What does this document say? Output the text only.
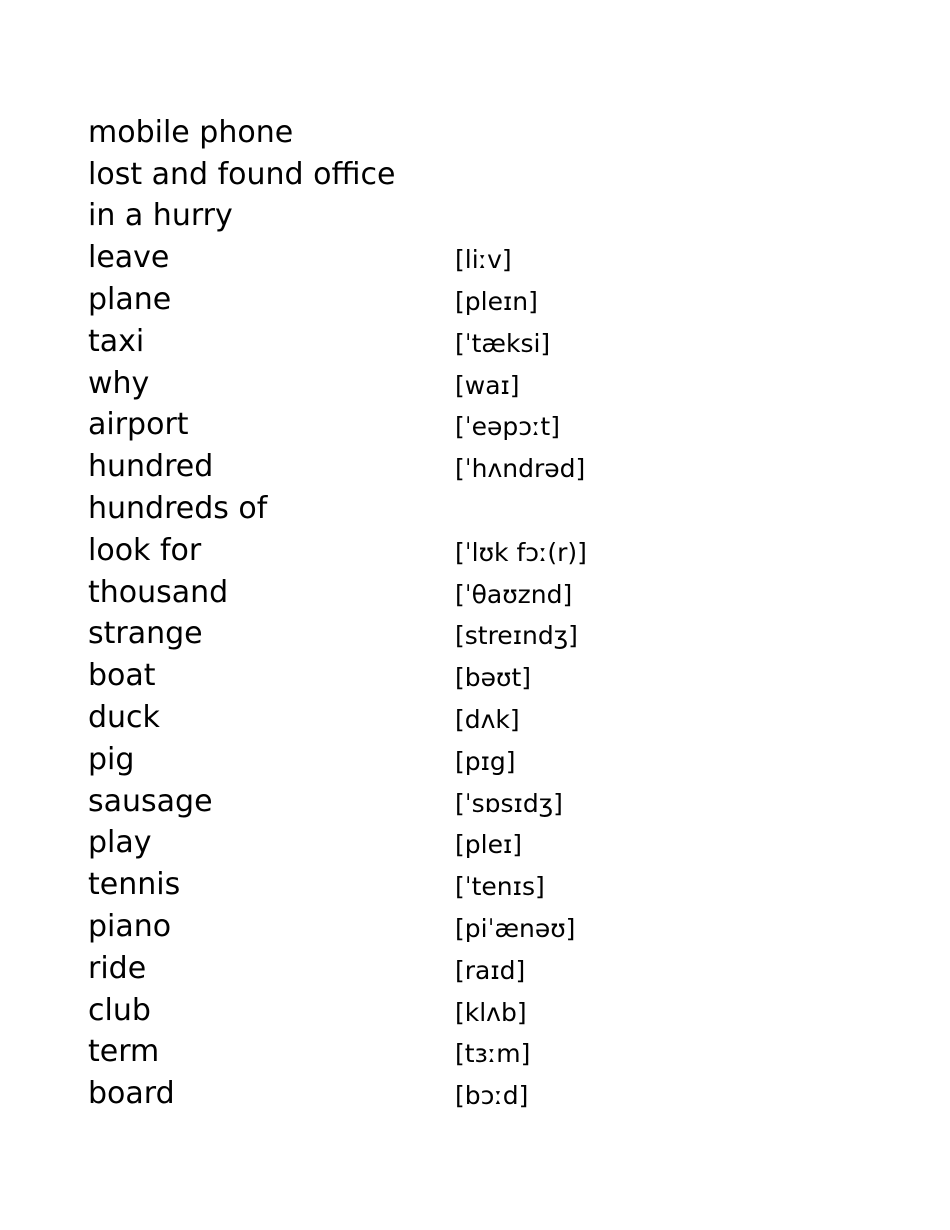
mobile phone
lost and found office
in a hurry
leave	[liːv]
plane	[pleɪn]
taxi	[ˈtæksi]
why	[waɪ]
airport	[ˈeəpɔːt]
hundred	[ˈhʌndrəd]
hundreds of
look for	[ˈlʊk fɔː(r)]
thousand	[ˈθaʊznd]
strange	[streɪndʒ]
boat	[bəʊt]
duck	[dʌk]
pig	[pɪg]
sausage	[ˈsɒsɪdʒ]
play	[pleɪ]
tennis	[ˈtenɪs]
piano	[piˈænəʊ]
ride	[raɪd]
club	[klʌb]
term	[tɜːm]
board	[bɔːd]
